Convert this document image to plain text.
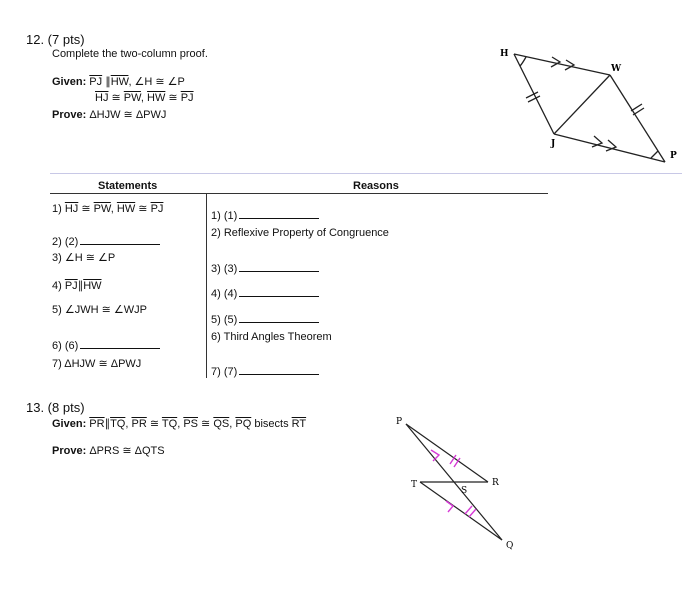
12. (7 pts)
Complete the two-column proof.
Given: $\overline{PJ}$ $\parallel\overline{HW}$, ∠H ≅ ∠P
$\overline{HJ}$ ≅ $\overline{PW}$, $\overline{HW}$ ≅ $\overline{PJ}$
Prove: ΔHJW ≅ ΔPWJ
H
W
J
P
Statements	Reasons
1) $\overline{HJ}$ ≅ $\overline{PW}$, $\overline{HW}$ ≅ $\overline{PJ}$
2) (2)
3) ∠H ≅ ∠P
4) $\overline{PJ}\parallel\overline{HW}$
5) ∠JWH ≅ ∠WJP
6) (6)
7) ΔHJW ≅ ΔPWJ
1) (1)
2) Reflexive Property of Congruence
3) (3)
4) (4)
5) (5)
6) Third Angles Theorem
7) (7)
13. (8 pts)
Given: $\overline{PR}\parallel\overline{TQ}$, $\overline{PR}$ ≅ $\overline{TQ}$, $\overline{PS}$ ≅ $\overline{QS}$, $\overline{PQ}$ bisects $\overline{RT}$
Prove: ΔPRS ≅ ΔQTS
P
R
T
S
Q
